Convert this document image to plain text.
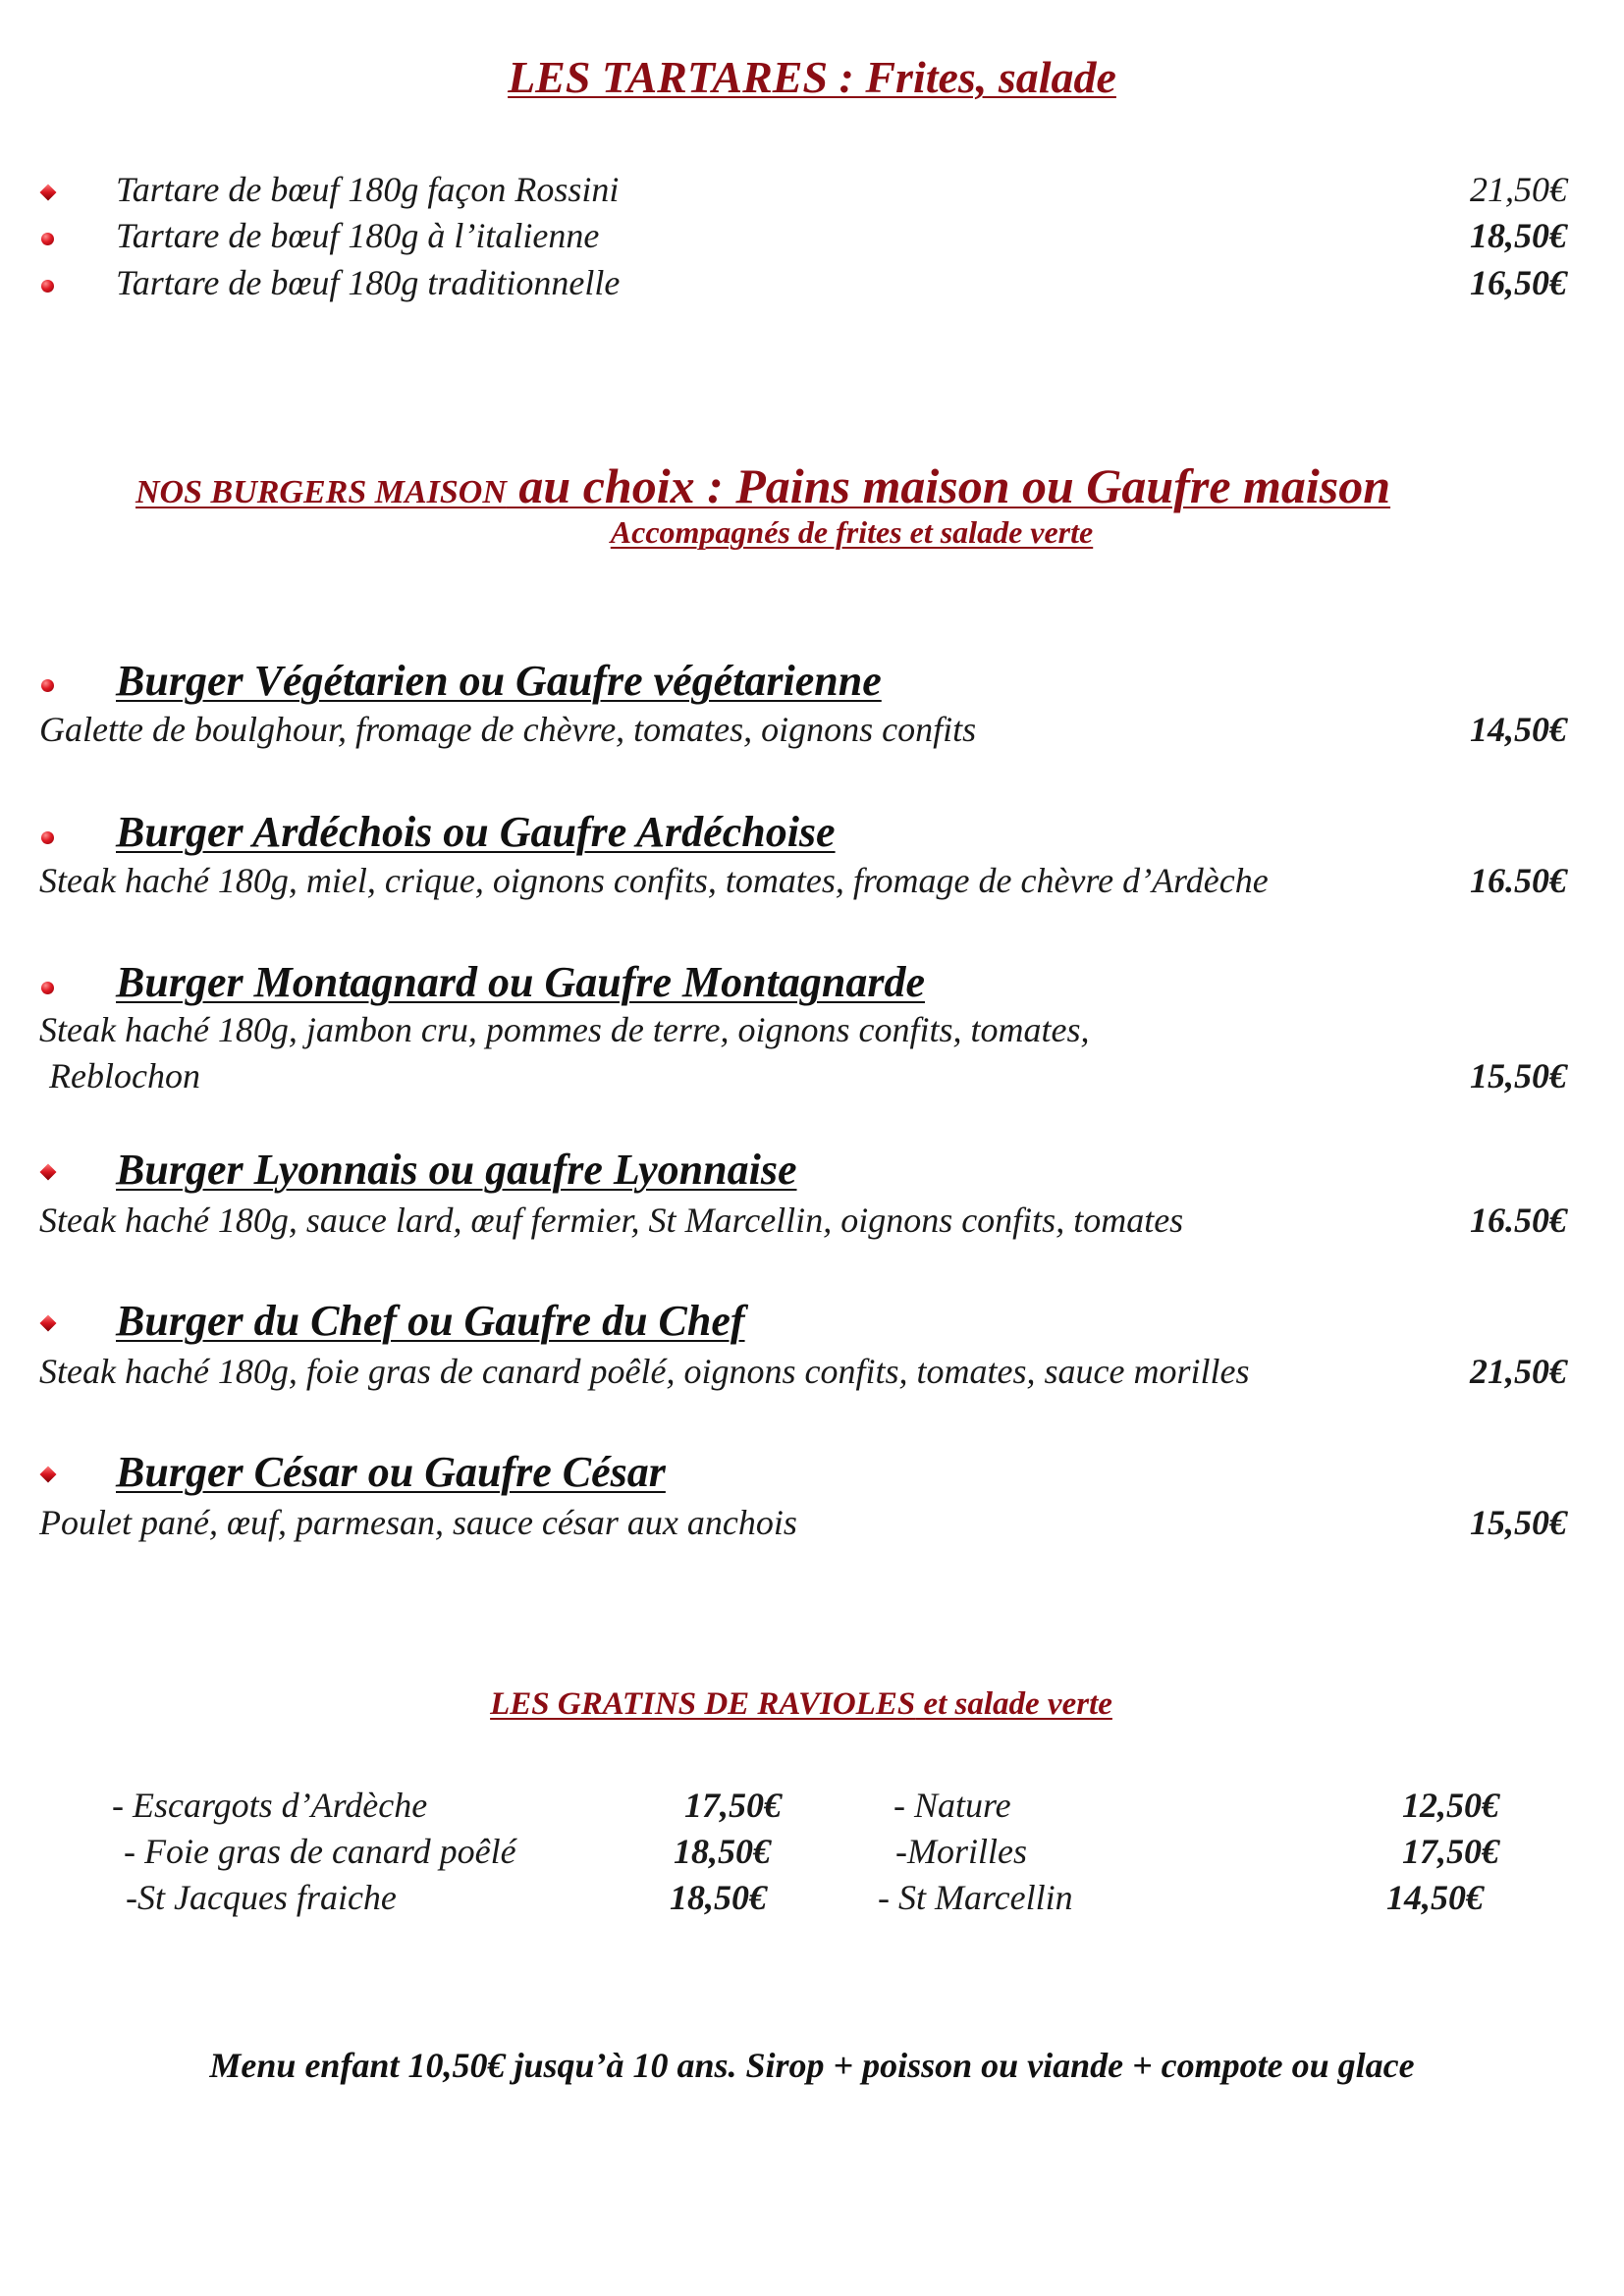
LES TARTARES : Frites, salade
Tartare de bœuf 180g façon Rossini	21,50€
Tartare de bœuf 180g à l’italienne	18,50€
Tartare de bœuf 180g traditionnelle	16,50€
NOS BURGERS MAISON au choix : Pains maison ou Gaufre maison
Accompagnés de frites et salade verte
Burger Végétarien ou Gaufre végétarienne
Galette de boulghour, fromage de chèvre, tomates, oignons confits	14,50€
Burger Ardéchois ou Gaufre Ardéchoise
Steak haché 180g, miel, crique, oignons confits, tomates, fromage de chèvre d’Ardèche	16.50€
Burger Montagnard ou Gaufre Montagnarde
Steak haché 180g, jambon cru, pommes de terre, oignons confits, tomates,
Reblochon	15,50€
Burger Lyonnais ou gaufre Lyonnaise
Steak haché 180g, sauce lard, œuf fermier, St Marcellin, oignons confits, tomates	16.50€
Burger du Chef ou Gaufre du Chef
Steak haché 180g, foie gras de canard poêlé, oignons confits, tomates, sauce morilles	21,50€
Burger César ou Gaufre César
Poulet pané, œuf, parmesan, sauce césar aux anchois	15,50€
LES GRATINS DE RAVIOLES et salade verte
- Escargots d’Ardèche	17,50€
- Foie gras de canard poêlé	18,50€
-St Jacques fraiche	18,50€
- Nature	12,50€
-Morilles	17,50€
- St Marcellin	14,50€
Menu enfant 10,50€ jusqu’à 10 ans. Sirop + poisson ou viande + compote ou glace
